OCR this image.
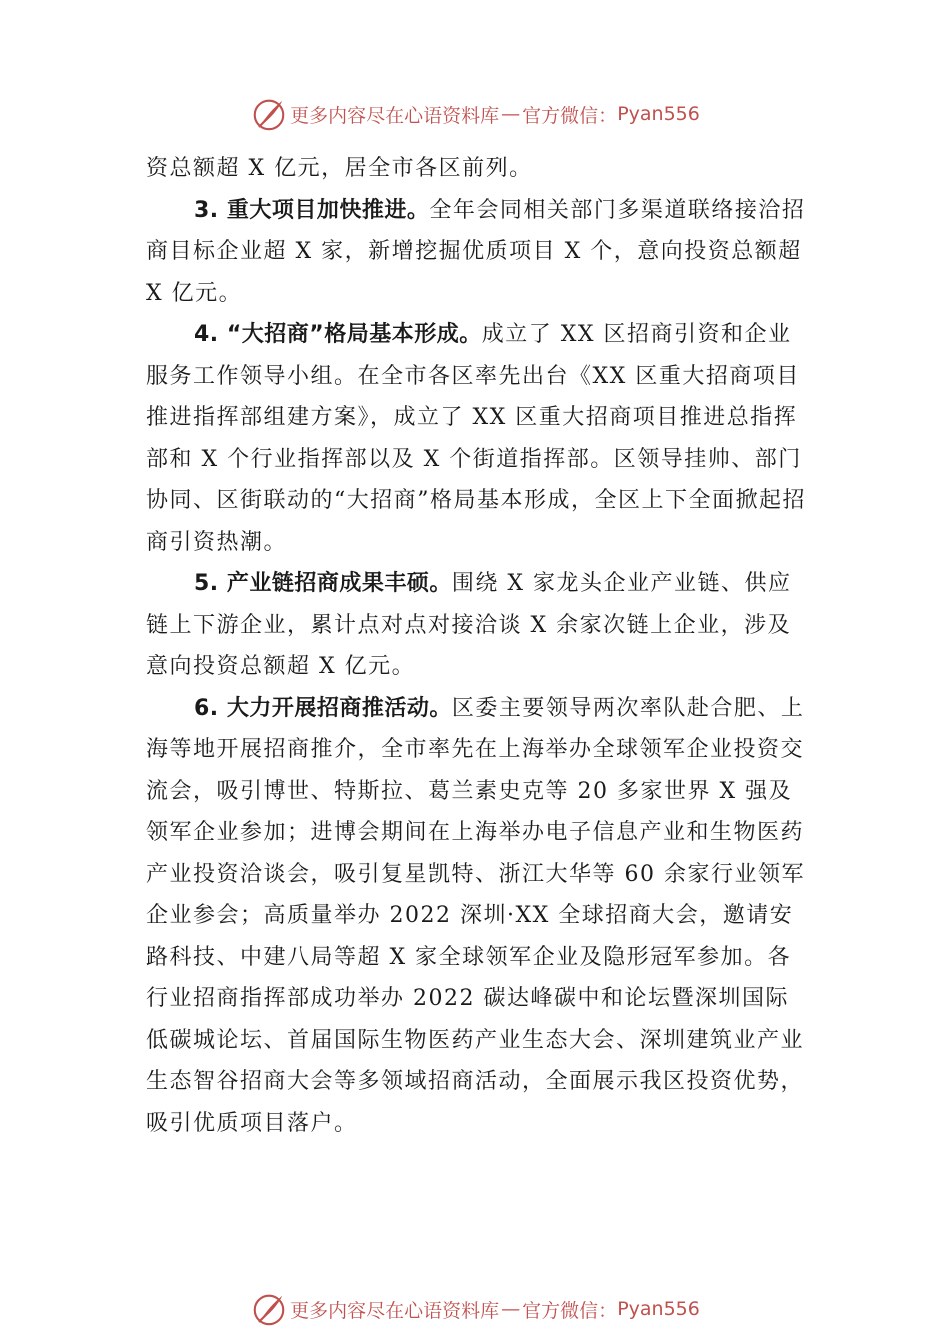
更多内容尽在心语资料库 — 官方微信： Pyan556

资总额超 X 亿元，居全市各区前列。

3. 重大项目加快推进。全年会同相关部门多渠道联络接洽招商目标企业超 X 家，新增挖掘优质项目 X 个，意向投资总额超 X 亿元。

4. “大招商”格局基本形成。成立了 XX 区招商引资和企业服务工作领导小组。在全市各区率先出台《XX 区重大招商项目推进指挥部组建方案》，成立了 XX 区重大招商项目推进总指挥部和 X 个行业指挥部以及 X 个街道指挥部。区领导挂帅、部门协同、区街联动的“大招商”格局基本形成，全区上下全面掀起招商引资热潮。

5. 产业链招商成果丰硕。围绕 X 家龙头企业产业链、供应链上下游企业，累计点对点对接洽谈 X 余家次链上企业，涉及意向投资总额超 X 亿元。

6. 大力开展招商推活动。区委主要领导两次率队赴合肥、上海等地开展招商推介，全市率先在上海举办全球领军企业投资交流会，吸引博世、特斯拉、葛兰素史克等 20 多家世界 X 强及领军企业参加；进博会期间在上海举办电子信息产业和生物医药产业投资洽谈会，吸引复星凯特、浙江大华等 60 余家行业领军企业参会；高质量举办 2022 深圳·XX 全球招商大会，邀请安路科技、中建八局等超 X 家全球领军企业及隐形冠军参加。各行业招商指挥部成功举办 2022 碳达峰碳中和论坛暨深圳国际低碳城论坛、首届国际生物医药产业生态大会、深圳建筑业产业生态智谷招商大会等多领域招商活动，全面展示我区投资优势，吸引优质项目落户。

更多内容尽在心语资料库 — 官方微信： Pyan556
